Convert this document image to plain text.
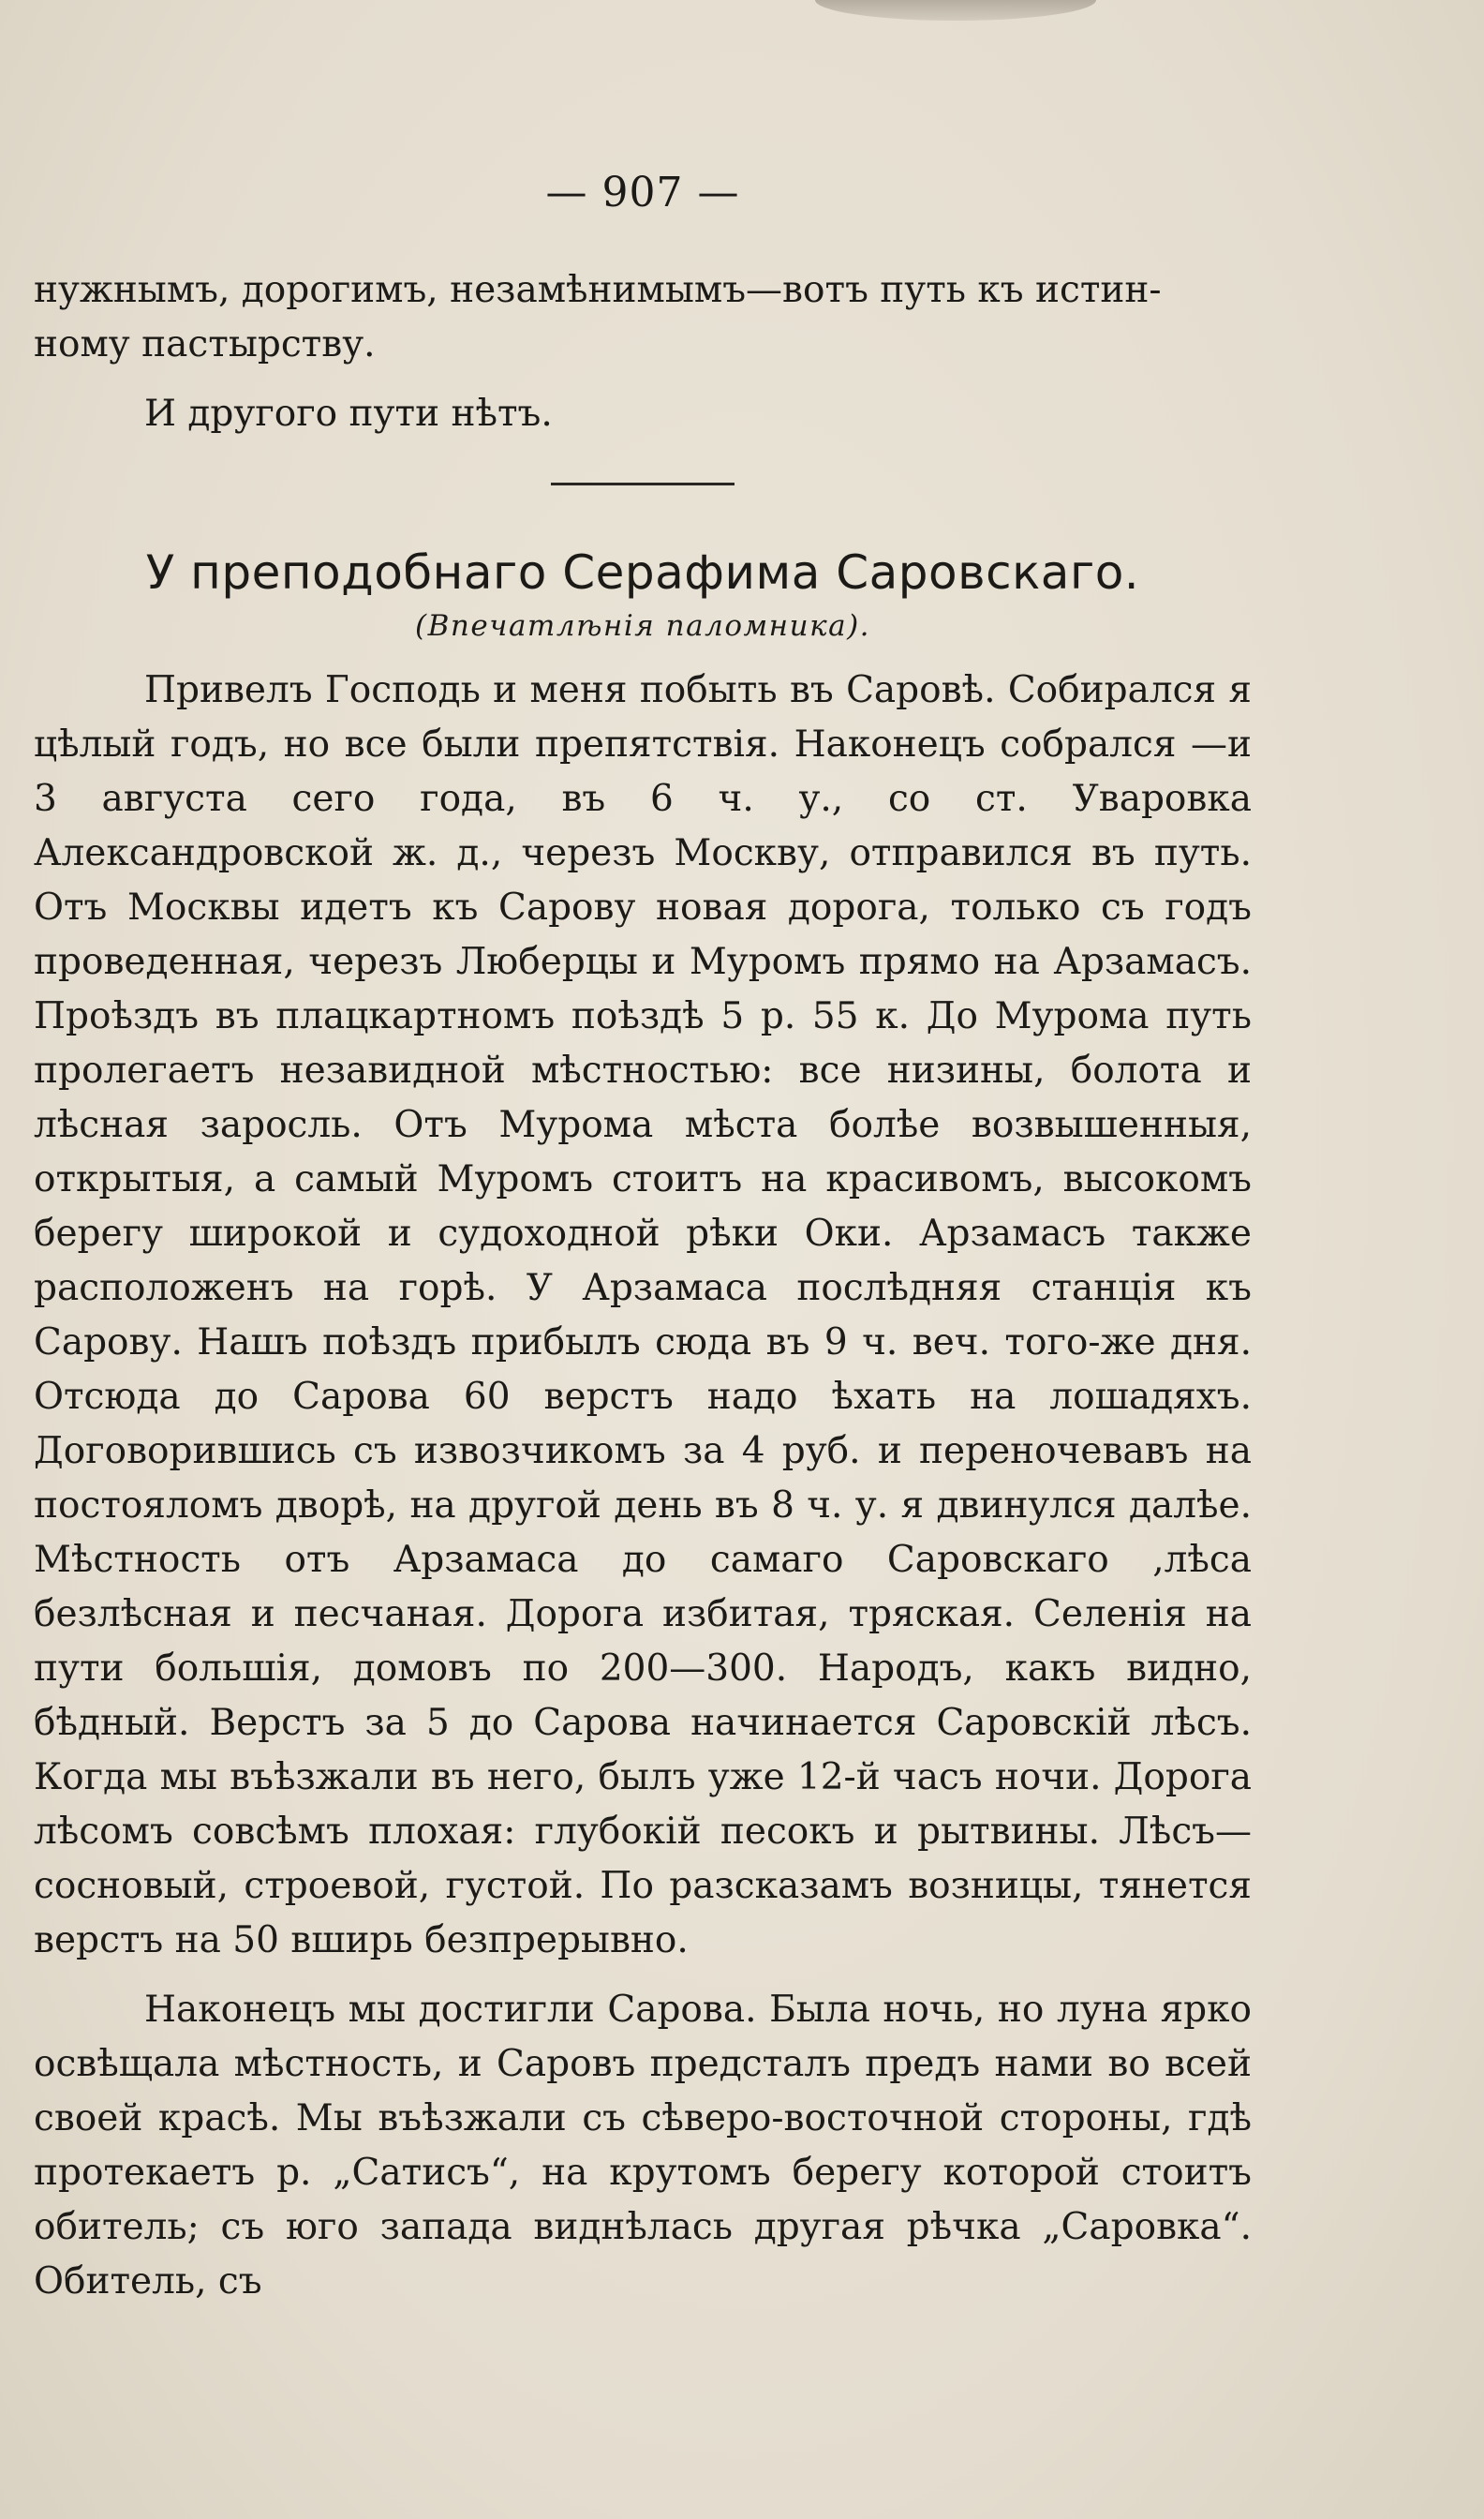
— 907 —

нужнымъ, дорогимъ, незамѣнимымъ—вотъ путь къ истин-
ному пастырству.

И другого пути нѣтъ.

У преподобнаго Серафима Саровскаго.
(Впечатлѣнія паломника).

Привелъ Господь и меня побыть въ Саровѣ. Собирался я цѣлый годъ, но все были препятствія. Наконецъ собрался —и 3 августа сего года, въ 6 ч. у., со ст. Уваровка Александровской ж. д., черезъ Москву, отправился въ путь. Отъ Москвы идетъ къ Сарову новая дорога, только съ годъ проведенная, черезъ Люберцы и Муромъ прямо на Арзамасъ. Проѣздъ въ плацкартномъ поѣздѣ 5 р. 55 к. До Мурома путь пролегаетъ незавидной мѣстностью: все низины, болота и лѣсная заросль. Отъ Мурома мѣста болѣе возвышенныя, открытыя, а самый Муромъ стоитъ на красивомъ, высокомъ берегу широкой и судоходной рѣки Оки. Арзамасъ также расположенъ на горѣ. У Арзамаса послѣдняя станція къ Сарову. Нашъ поѣздъ прибылъ сюда въ 9 ч. веч. того-же дня. Отсюда до Сарова 60 верстъ надо ѣхать на лошадяхъ. Договорившись съ извозчикомъ за 4 руб. и переночевавъ на постояломъ дворѣ, на другой день въ 8 ч. у. я двинулся далѣе. Мѣстность отъ Арзамаса до самаго Саровскаго ,лѣса безлѣсная и песчаная. Дорога избитая, тряская. Селенія на пути большія, домовъ по 200—300. Народъ, какъ видно, бѣдный. Верстъ за 5 до Сарова начинается Саровскій лѣсъ. Когда мы въѣзжали въ него, былъ уже 12-й часъ ночи. Дорога лѣсомъ совсѣмъ плохая: глубокій песокъ и рытвины. Лѣсъ—сосновый, строевой, густой. По разсказамъ возницы, тянется верстъ на 50 вширь безпрерывно.

Наконецъ мы достигли Сарова. Была ночь, но луна ярко освѣщала мѣстность, и Саровъ предсталъ предъ нами во всей своей красѣ. Мы въѣзжали съ сѣверо-восточной стороны, гдѣ протекаетъ р. „Сатисъ“, на крутомъ берегу которой стоитъ обитель; съ юго запада виднѣлась другая рѣчка „Саровка“. Обитель, съ
